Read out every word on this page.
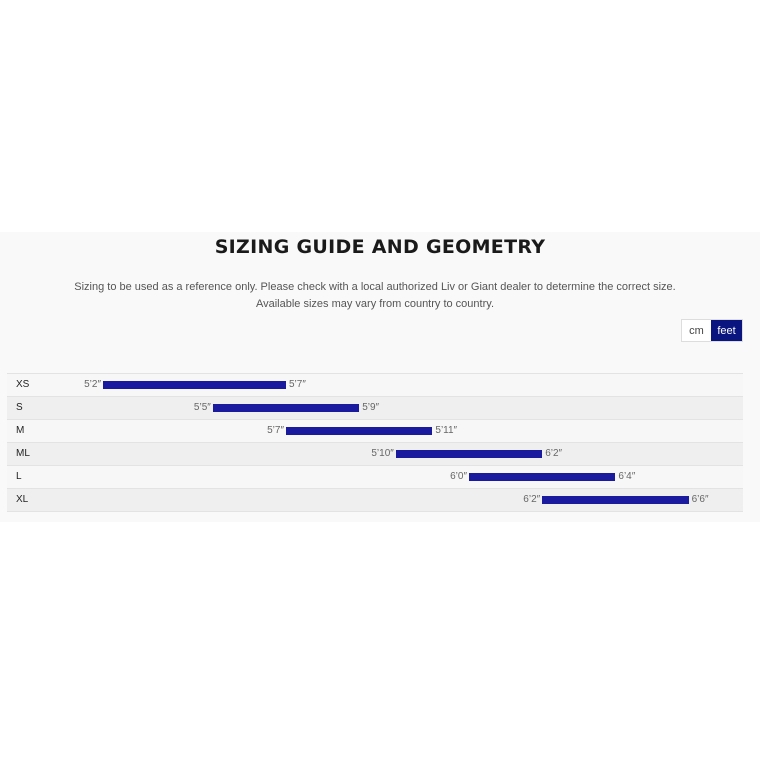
SIZING GUIDE AND GEOMETRY
Sizing to be used as a reference only. Please check with a local authorized Liv or Giant dealer to determine the correct size.
Available sizes may vary from country to country.
cm	feet
XS	5’2″	5’7″
S	5’5″	5’9″
M	5’7″	5’11″
ML	5’10″	6’2″
L	6’0″	6’4″
XL	6’2″	6’6″
